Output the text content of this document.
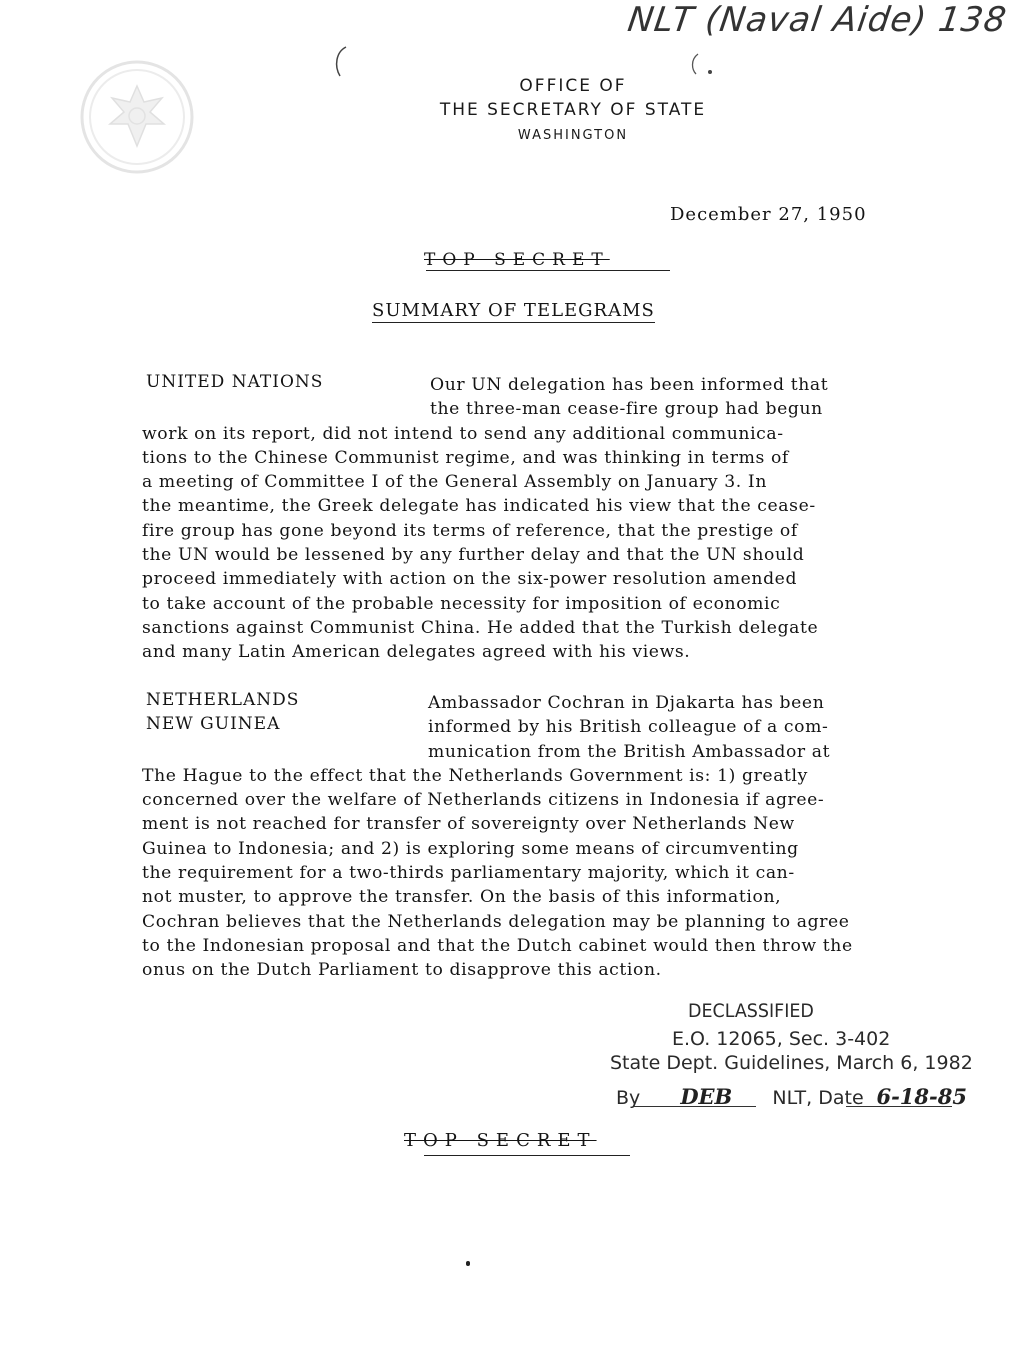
NLT (Naval Aide) 138
OFFICE OF
THE SECRETARY OF STATE
WASHINGTON
December 27, 1950
TOP SECRET
SUMMARY OF TELEGRAMS
UNITED NATIONS	Our UN delegation has been informed that
the three-man cease-fire group had begun
work on its report, did not intend to send any additional communica-
tions to the Chinese Communist regime, and was thinking in terms of
a meeting of Committee I of the General Assembly on January 3. In
the meantime, the Greek delegate has indicated his view that the cease-
fire group has gone beyond its terms of reference, that the prestige of
the UN would be lessened by any further delay and that the UN should
proceed immediately with action on the six-power resolution amended
to take account of the probable necessity for imposition of economic
sanctions against Communist China. He added that the Turkish delegate
and many Latin American delegates agreed with his views.
NETHERLANDS
NEW GUINEA
Ambassador Cochran in Djakarta has been
informed by his British colleague of a com-
munication from the British Ambassador at
The Hague to the effect that the Netherlands Government is: 1) greatly
concerned over the welfare of Netherlands citizens in Indonesia if agree-
ment is not reached for transfer of sovereignty over Netherlands New
Guinea to Indonesia; and 2) is exploring some means of circumventing
the requirement for a two-thirds parliamentary majority, which it can-
not muster, to approve the transfer. On the basis of this information,
Cochran believes that the Netherlands delegation may be planning to agree
to the Indonesian proposal and that the Dutch cabinet would then throw the
onus on the Dutch Parliament to disapprove this action.
DECLASSIFIED
E.O. 12065, Sec. 3-402
State Dept. Guidelines, March 6, 1982
By DEB NLT, Date 6-18-85
TOP SECRET
